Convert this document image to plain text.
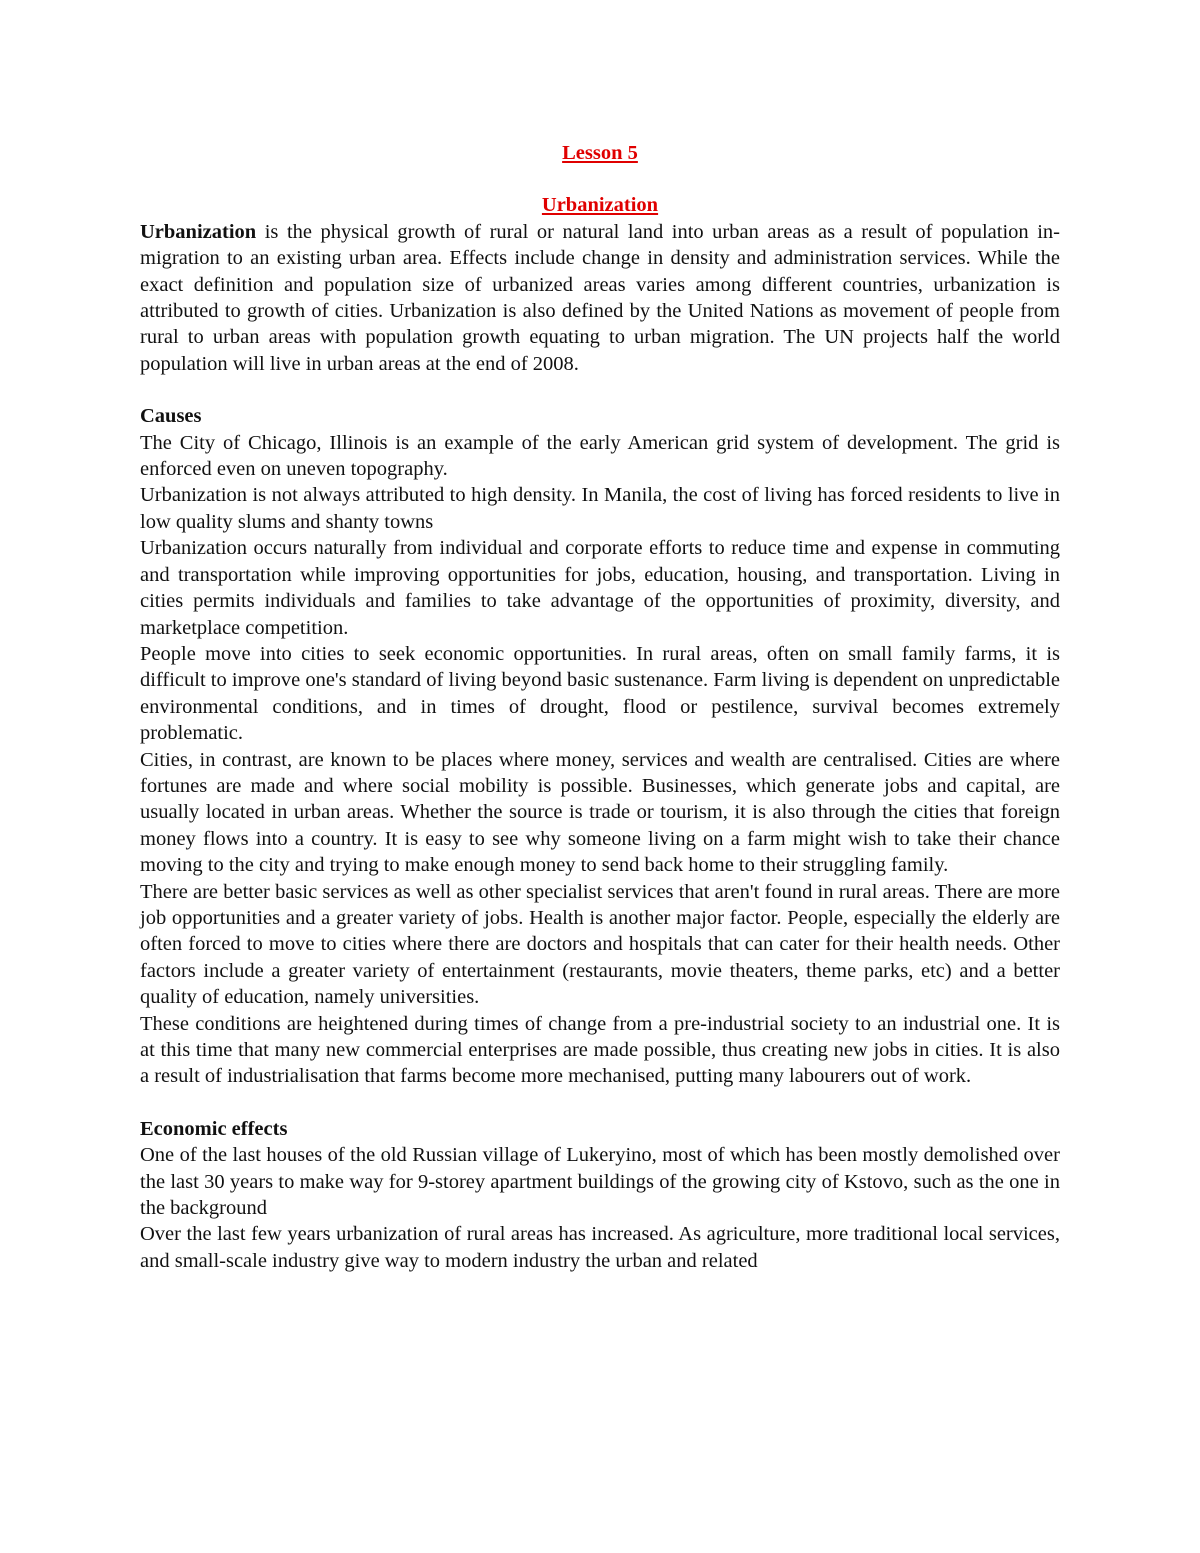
Lesson 5

Urbanization

Urbanization is the physical growth of rural or natural land into urban areas as a result of population in-migration to an existing urban area. Effects include change in density and administration services. While the exact definition and population size of urbanized areas varies among different countries, urbanization is attributed to growth of cities. Urbanization is also defined by the United Nations as movement of people from rural to urban areas with population growth equating to urban migration. The UN projects half the world population will live in urban areas at the end of 2008.

Causes

The City of Chicago, Illinois is an example of the early American grid system of development. The grid is enforced even on uneven topography.

Urbanization is not always attributed to high density. In Manila, the cost of living has forced residents to live in low quality slums and shanty towns

Urbanization occurs naturally from individual and corporate efforts to reduce time and expense in commuting and transportation while improving opportunities for jobs, education, housing, and transportation. Living in cities permits individuals and families to take advantage of the opportunities of proximity, diversity, and marketplace competition.

People move into cities to seek economic opportunities. In rural areas, often on small family farms, it is difficult to improve one's standard of living beyond basic sustenance. Farm living is dependent on unpredictable environmental conditions, and in times of drought, flood or pestilence, survival becomes extremely problematic.

Cities, in contrast, are known to be places where money, services and wealth are centralised. Cities are where fortunes are made and where social mobility is possible. Businesses, which generate jobs and capital, are usually located in urban areas. Whether the source is trade or tourism, it is also through the cities that foreign money flows into a country. It is easy to see why someone living on a farm might wish to take their chance moving to the city and trying to make enough money to send back home to their struggling family.

There are better basic services as well as other specialist services that aren't found in rural areas. There are more job opportunities and a greater variety of jobs. Health is another major factor. People, especially the elderly are often forced to move to cities where there are doctors and hospitals that can cater for their health needs. Other factors include a greater variety of entertainment (restaurants, movie theaters, theme parks, etc) and a better quality of education, namely universities.

These conditions are heightened during times of change from a pre-industrial society to an industrial one. It is at this time that many new commercial enterprises are made possible, thus creating new jobs in cities. It is also a result of industrialisation that farms become more mechanised, putting many labourers out of work.

Economic effects

One of the last houses of the old Russian village of Lukeryino, most of which has been mostly demolished over the last 30 years to make way for 9-storey apartment buildings of the growing city of Kstovo, such as the one in the background

Over the last few years urbanization of rural areas has increased. As agriculture, more traditional local services, and small-scale industry give way to modern industry the urban and related
